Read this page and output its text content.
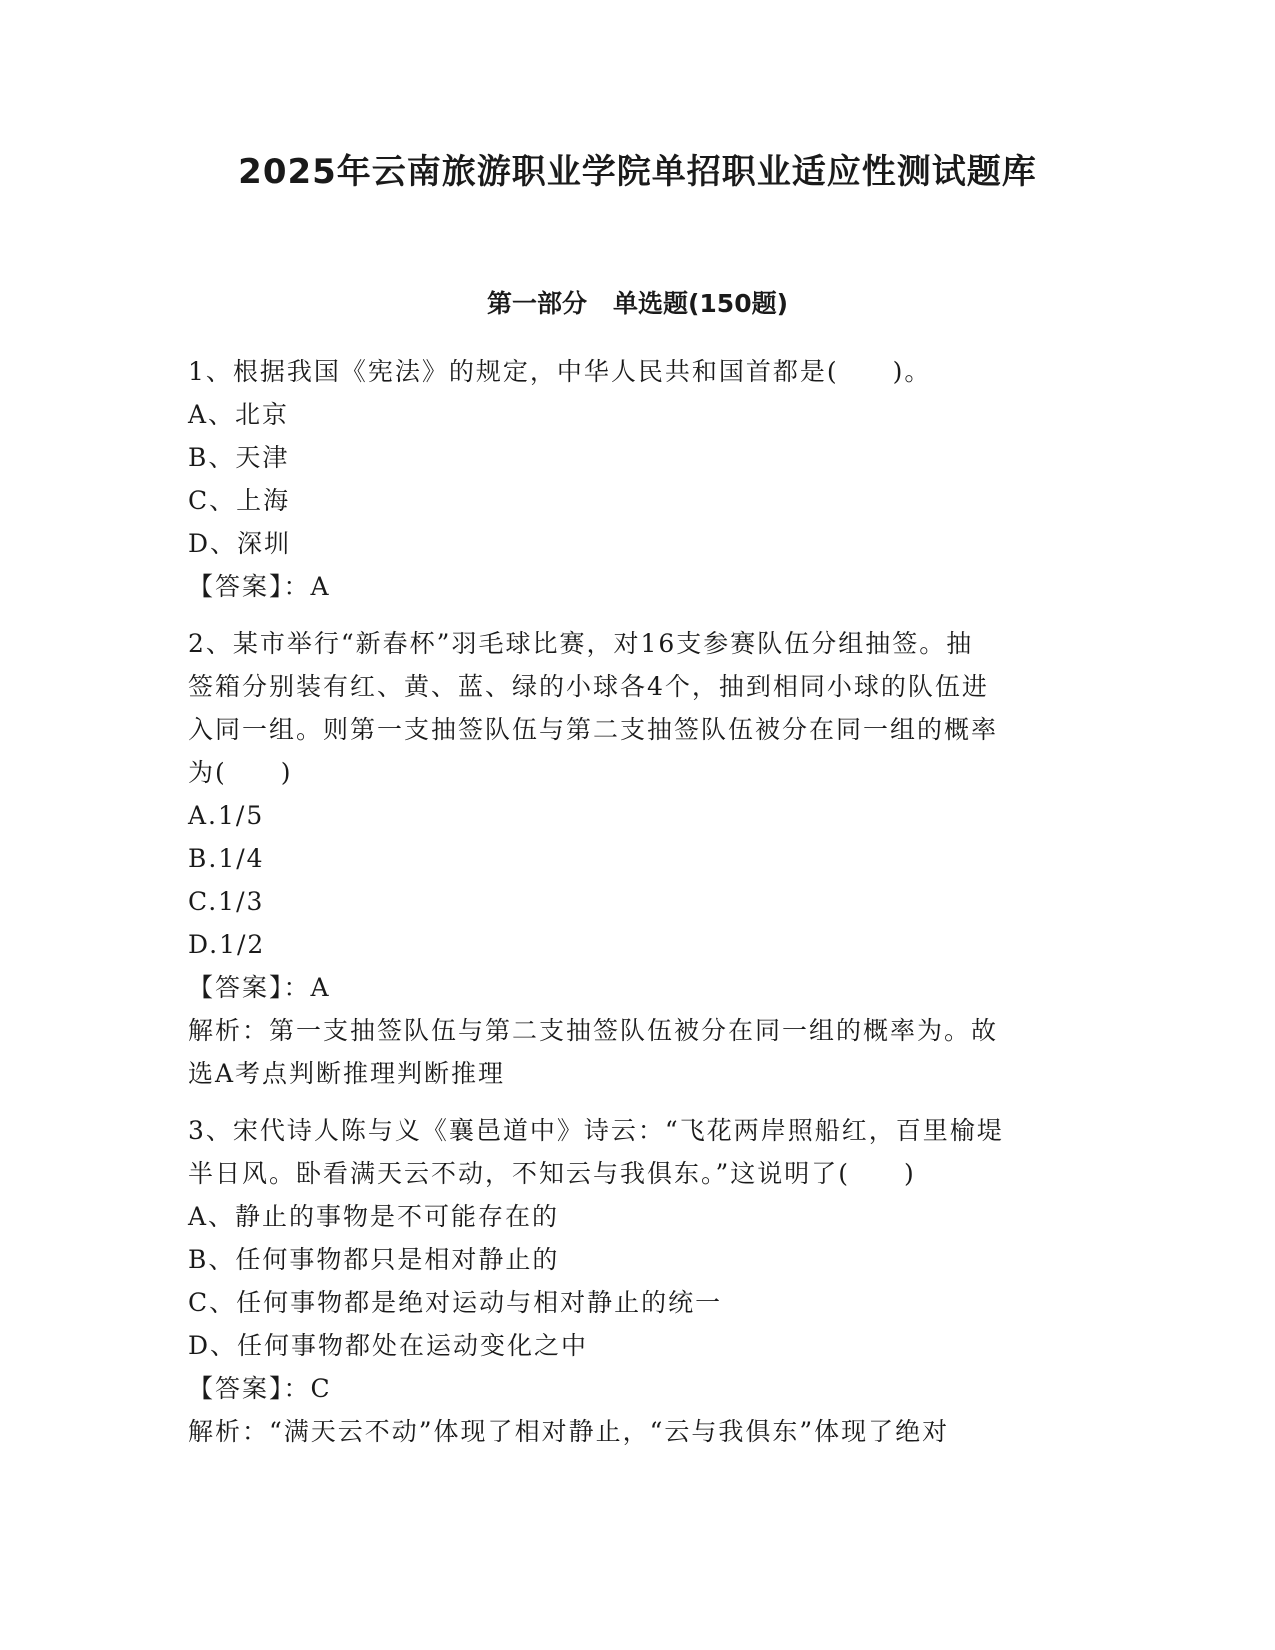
2025年云南旅游职业学院单招职业适应性测试题库
第一部分 单选题(150题)
1、根据我国《宪法》的规定，中华人民共和国首都是(　　)。
A、北京
B、天津
C、上海
D、深圳
【答案】：A
2、某市举行“新春杯”羽毛球比赛，对16支参赛队伍分组抽签。抽
签箱分别装有红、黄、蓝、绿的小球各4个，抽到相同小球的队伍进
入同一组。则第一支抽签队伍与第二支抽签队伍被分在同一组的概率
为(　　)
A.1/5
B.1/4
C.1/3
D.1/2
【答案】：A
解析：第一支抽签队伍与第二支抽签队伍被分在同一组的概率为。故
选A考点判断推理判断推理
3、宋代诗人陈与义《襄邑道中》诗云：“飞花两岸照船红，百里榆堤
半日风。卧看满天云不动，不知云与我俱东。”这说明了(　　)
A、静止的事物是不可能存在的
B、任何事物都只是相对静止的
C、任何事物都是绝对运动与相对静止的统一
D、任何事物都处在运动变化之中
【答案】：C
解析：“满天云不动”体现了相对静止，“云与我俱东”体现了绝对
